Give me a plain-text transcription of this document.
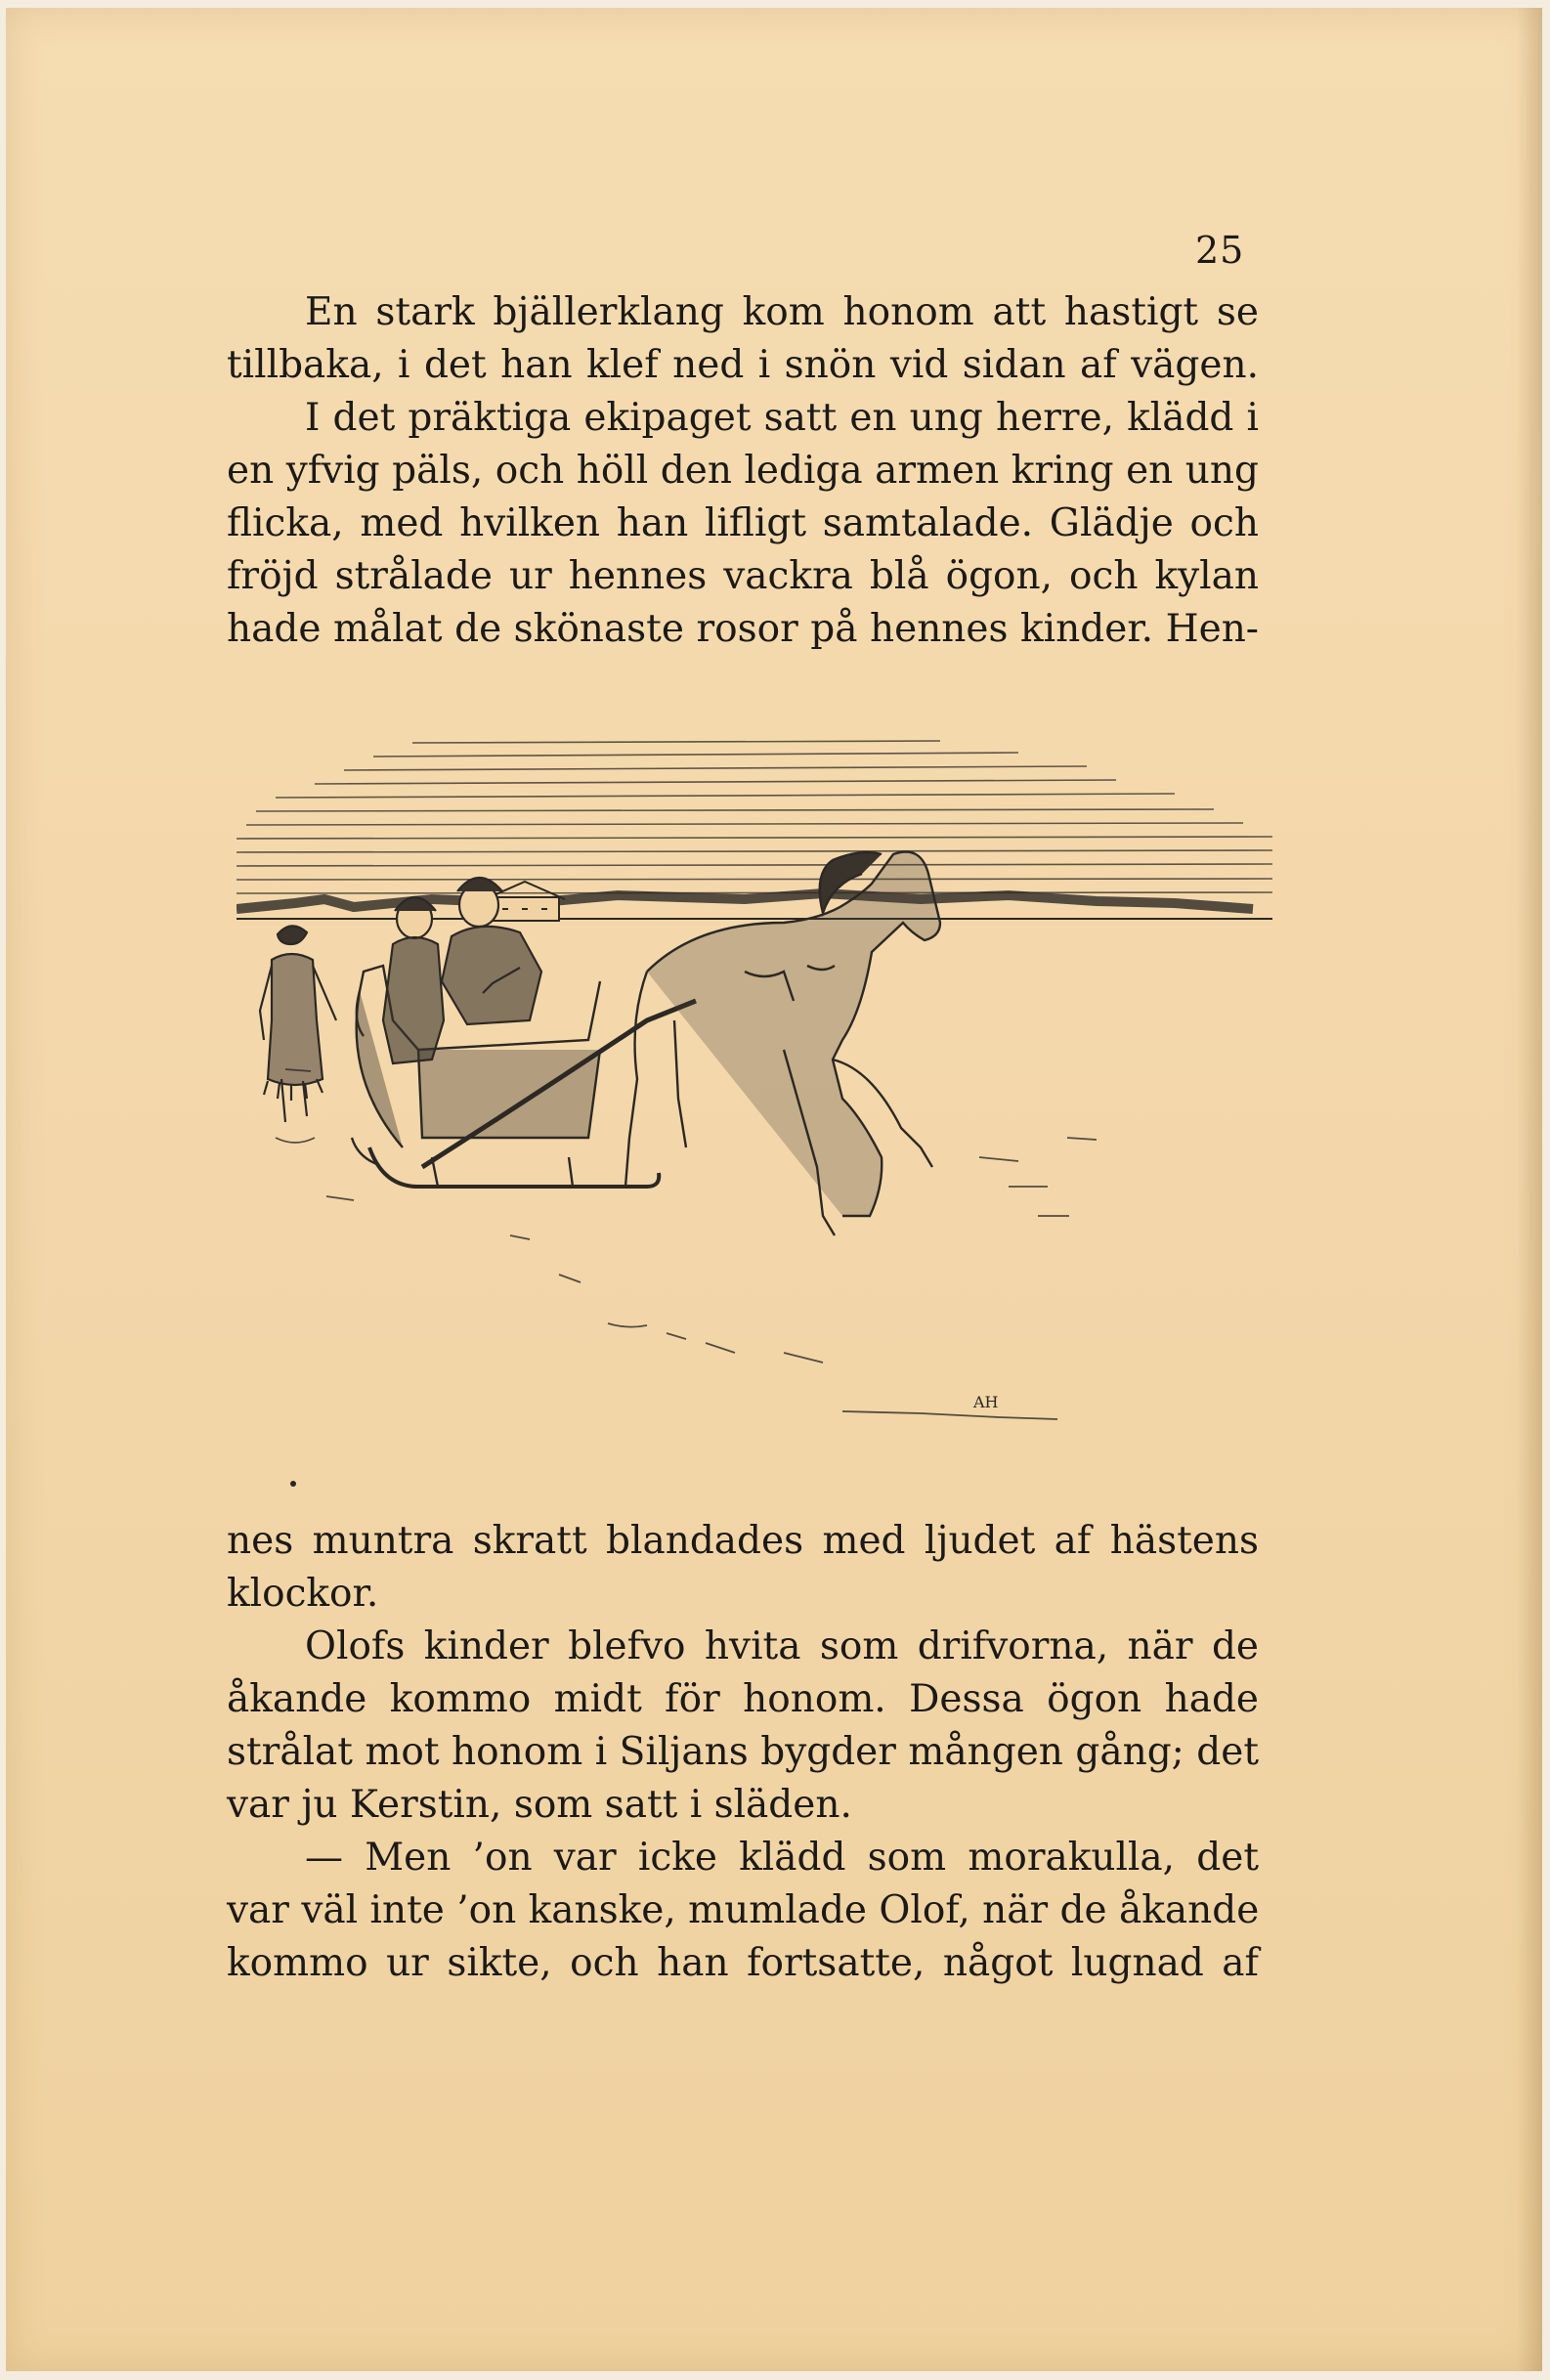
25
En stark bjällerklang kom honom att hastigt se
tillbaka, i det han klef ned i snön vid sidan af vägen.
I det präktiga ekipaget satt en ung herre, klädd i
en yfvig päls, och höll den lediga armen kring en ung
flicka, med hvilken han lifligt samtalade. Glädje och
fröjd strålade ur hennes vackra blå ögon, och kylan
hade målat de skönaste rosor på hennes kinder. Hen-
AH
nes muntra skratt blandades med ljudet af hästens
klockor.
Olofs kinder blefvo hvita som drifvorna, när de
åkande kommo midt för honom. Dessa ögon hade
strålat mot honom i Siljans bygder mången gång; det
var ju Kerstin, som satt i släden.
— Men ’on var icke klädd som morakulla, det
var väl inte ’on kanske, mumlade Olof, när de åkande
kommo ur sikte, och han fortsatte, något lugnad af
